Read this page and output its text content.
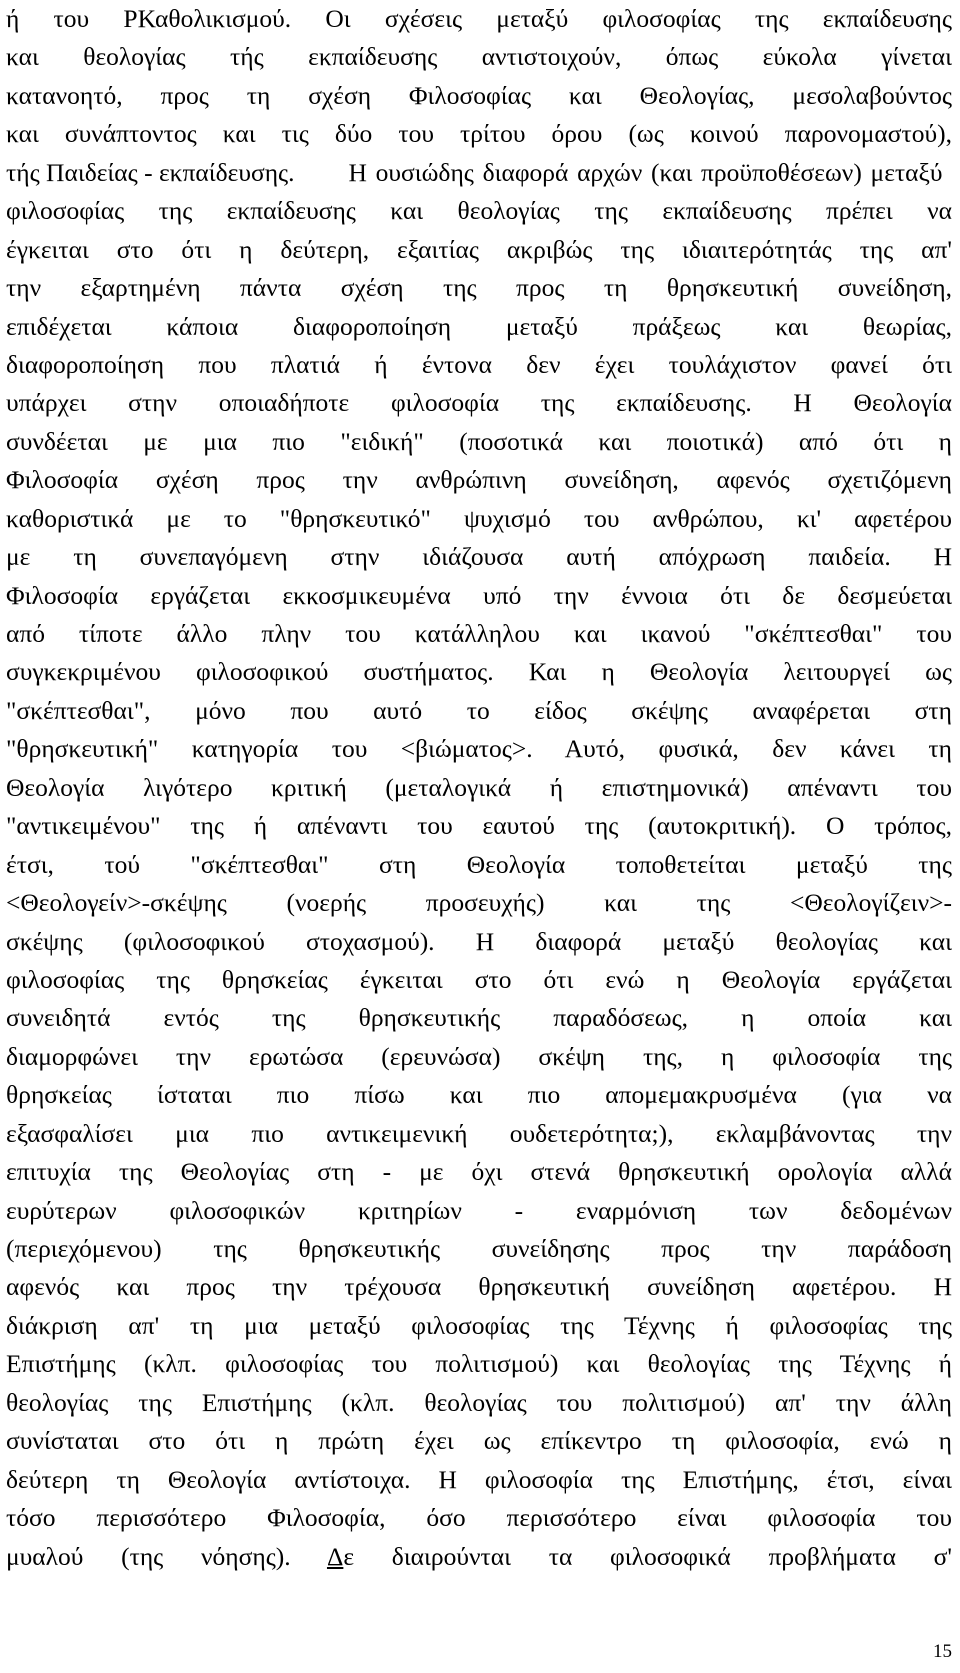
ή του PΚαθολικισμού. Οι σχέσεις μεταξύ φιλοσοφίας της εκπαίδευσης
και θεολογίας τής εκπαίδευσης αντιστοιχούν, όπως εύκολα γίνεται
κατανοητό, προς τη σχέση Φιλοσοφίας και Θεολογίας, μεσολαβούντος
και συνάπτοντος και τις δύο του τρίτου όρου (ως κοινού παρονομαστού),
τής Παιδείας - εκπαίδευσης. Η ουσιώδης διαφορά αρχών (και προϋποθέσεων) μεταξύ
φιλοσοφίας της εκπαίδευσης και θεολογίας της εκπαίδευσης πρέπει να
έγκειται στο ότι η δεύτερη, εξαιτίας ακριβώς της ιδιαιτερότητάς της απ'
την εξαρτημένη πάντα σχέση της προς τη θρησκευτική συνείδηση,
επιδέχεται κάποια διαφοροποίηση μεταξύ πράξεως και θεωρίας,
διαφοροποίηση που πλατιά ή έντονα δεν έχει τουλάχιστον φανεί ότι
υπάρχει στην οποιαδήποτε φιλοσοφία της εκπαίδευσης. Η Θεολογία
συνδέεται με μια πιο "ειδική" (ποσοτικά και ποιοτικά) από ότι η
Φιλοσοφία σχέση προς την ανθρώπινη συνείδηση, αφενός σχετιζόμενη
καθοριστικά με το "θρησκευτικό" ψυχισμό του ανθρώπου, κι' αφετέρου
με τη συνεπαγόμενη στην ιδιάζουσα αυτή απόχρωση παιδεία. Η
Φιλοσοφία εργάζεται εκκοσμικευμένα υπό την έννοια ότι δε δεσμεύεται
από τίποτε άλλο πλην του κατάλληλου και ικανού "σκέπτεσθαι" του
συγκεκριμένου φιλοσοφικού συστήματος. Και η Θεολογία λειτουργεί ως
"σκέπτεσθαι", μόνο που αυτό το είδος σκέψης αναφέρεται στη
"θρησκευτική" κατηγορία του <βιώματος>. Αυτό, φυσικά, δεν κάνει τη
Θεολογία λιγότερο κριτική (μεταλογικά ή επιστημονικά) απέναντι του
"αντικειμένου" της ή απέναντι του εαυτού της (αυτοκριτική). Ο τρόπος,
έτσι, τού "σκέπτεσθαι" στη Θεολογία τοποθετείται μεταξύ της
<Θεολογείν>-σκέψης (νοερής προσευχής) και της <Θεολογίζειν>-
σκέψης (φιλοσοφικού στοχασμού). Η διαφορά μεταξύ θεολογίας και
φιλοσοφίας της θρησκείας έγκειται στο ότι ενώ η Θεολογία εργάζεται
συνειδητά εντός της θρησκευτικής παραδόσεως, η οποία και
διαμορφώνει την ερωτώσα (ερευνώσα) σκέψη της, η φιλοσοφία της
θρησκείας ίσταται πιο πίσω και πιο απομεμακρυσμένα (για να
εξασφαλίσει μια πιο αντικειμενική ουδετερότητα;), εκλαμβάνοντας την
επιτυχία της Θεολογίας στη - με όχι στενά θρησκευτική ορολογία αλλά
ευρύτερων φιλοσοφικών κριτηρίων - εναρμόνιση των δεδομένων
(περιεχόμενου) της θρησκευτικής συνείδησης προς την παράδοση
αφενός και προς την τρέχουσα θρησκευτική συνείδηση αφετέρου. Η
διάκριση απ' τη μια μεταξύ φιλοσοφίας της Τέχνης ή φιλοσοφίας της
Επιστήμης (κλπ. φιλοσοφίας του πολιτισμού) και θεολογίας της Τέχνης ή
θεολογίας της Επιστήμης (κλπ. θεολογίας του πολιτισμού) απ' την άλλη
συνίσταται στο ότι η πρώτη έχει ως επίκεντρο τη φιλοσοφία, ενώ η
δεύτερη τη Θεολογία αντίστοιχα. Η φιλοσοφία της Επιστήμης, έτσι, είναι
τόσο περισσότερο Φιλοσοφία, όσο περισσότερο είναι φιλοσοφία του
μυαλού (της νόησης). Δε διαιρούνται τα φιλοσοφικά προβλήματα σ'
15
